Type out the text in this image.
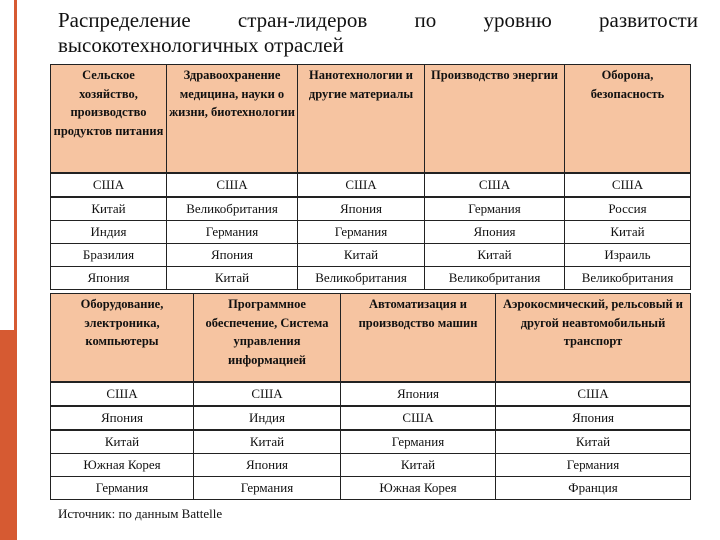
Распределение стран-лидеров по уровню развитости
высокотехнологичных отраслей
Сельское хозяйство, производство продуктов питания	Здравоохранение медицина, науки о жизни, биотехнологии	Нанотехнологии и другие материалы	Производство энергии	Оборона, безопасность
США	США	США	США	США
Китай	Великобритания	Япония	Германия	Россия
Индия	Германия	Германия	Япония	Китай
Бразилия	Япония	Китай	Китай	Израиль
Япония	Китай	Великобритания	Великобритания	Великобритания
Оборудование, электроника, компьютеры	Программное обеспечение, Система управления информацией	Автоматизация и производство машин	Аэрокосмический, рельсовый и другой неавтомобильный транспорт
США	США	Япония	США
Япония	Индия	США	Япония
Китай	Китай	Германия	Китай
Южная Корея	Япония	Китай	Германия
Германия	Германия	Южная Корея	Франция
Источник: по данным Battelle
